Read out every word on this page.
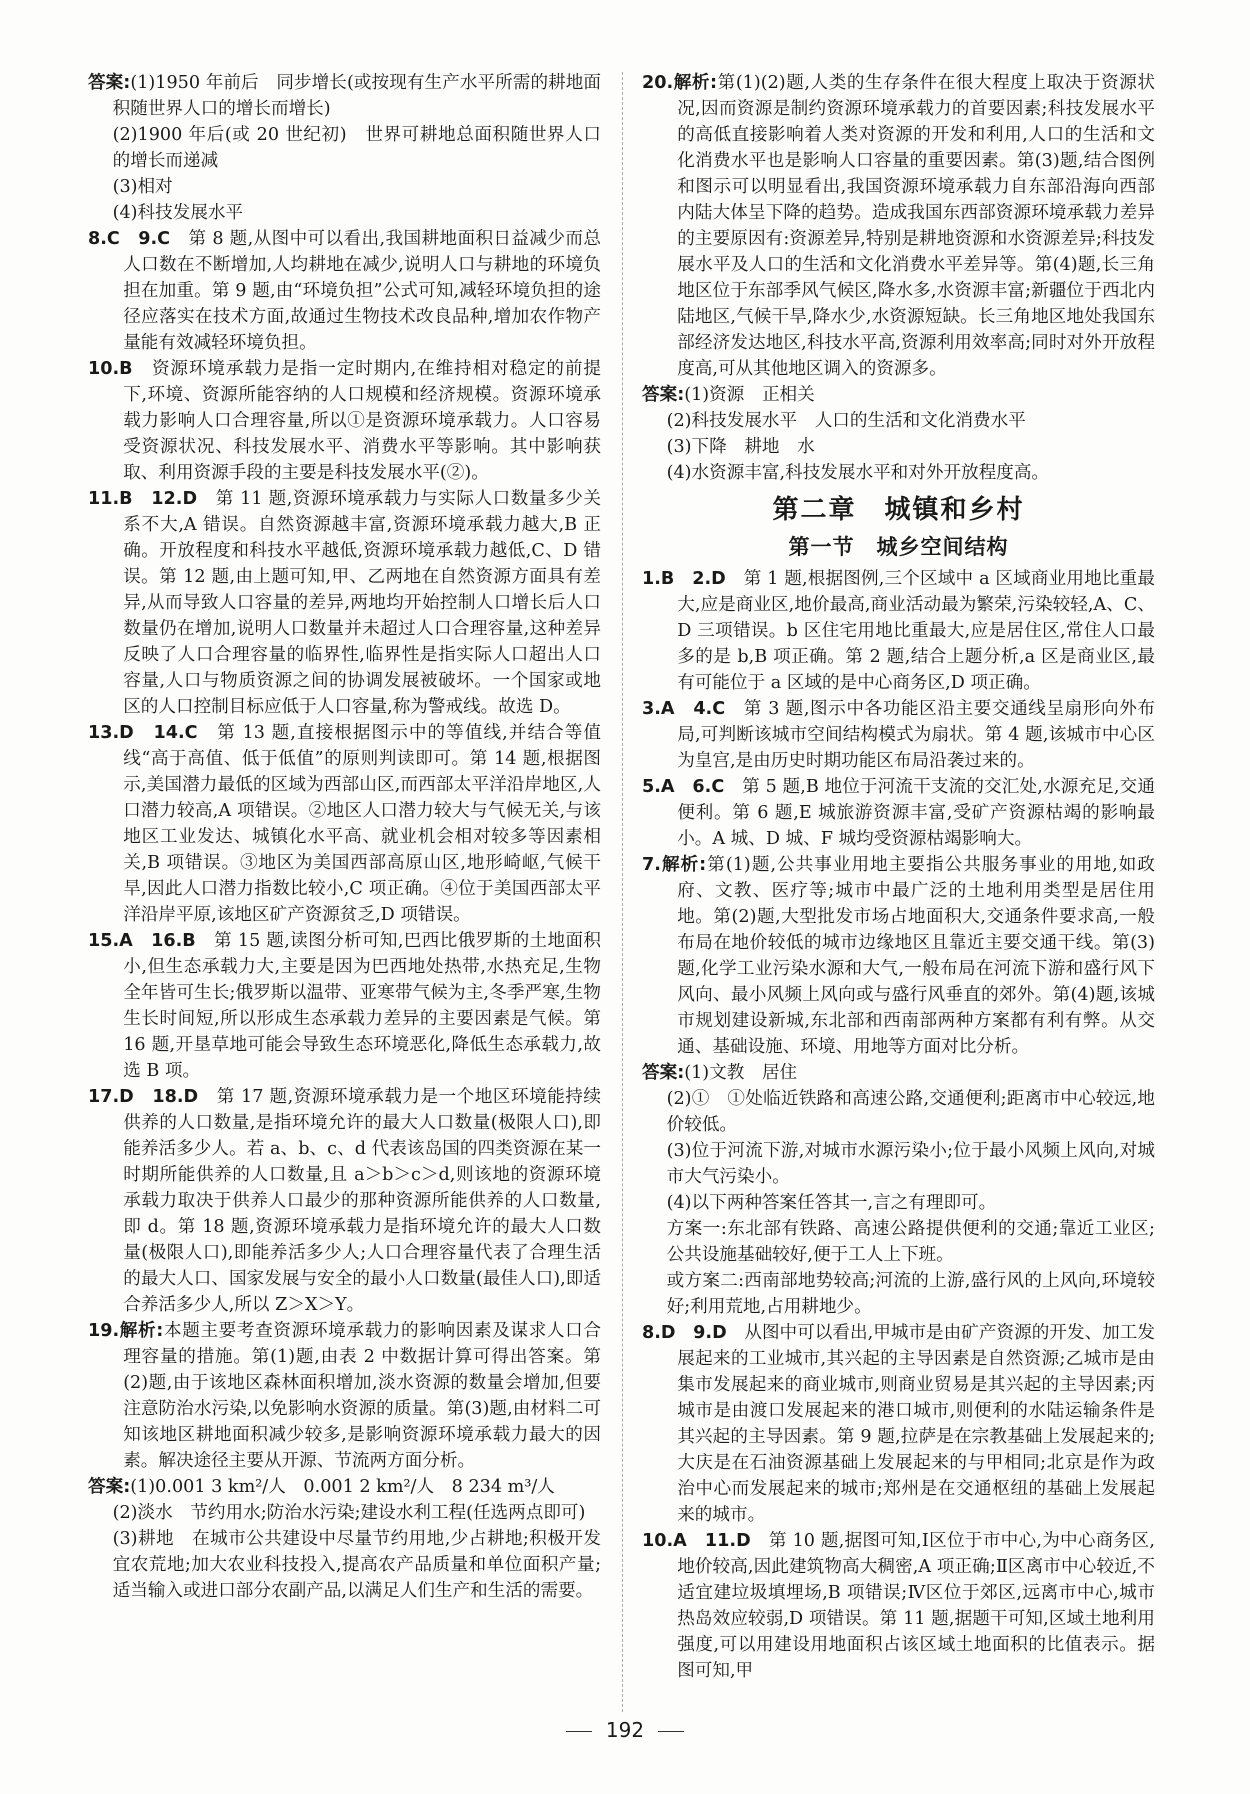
答案:(1)1950 年前后　同步增长(或按现有生产水平所需的耕地面积随世界人口的增长而增长)

(2)1900 年后(或 20 世纪初)　世界可耕地总面积随世界人口的增长而递减

(3)相对

(4)科技发展水平

8.C　9.C　第 8 题,从图中可以看出,我国耕地面积日益减少而总人口数在不断增加,人均耕地在减少,说明人口与耕地的环境负担在加重。第 9 题,由“环境负担”公式可知,减轻环境负担的途径应落实在技术方面,故通过生物技术改良品种,增加农作物产量能有效减轻环境负担。

10.B　资源环境承载力是指一定时期内,在维持相对稳定的前提下,环境、资源所能容纳的人口规模和经济规模。资源环境承载力影响人口合理容量,所以①是资源环境承载力。人口容易受资源状况、科技发展水平、消费水平等影响。其中影响获取、利用资源手段的主要是科技发展水平(②)。

11.B　12.D　第 11 题,资源环境承载力与实际人口数量多少关系不大,A 错误。自然资源越丰富,资源环境承载力越大,B 正确。开放程度和科技水平越低,资源环境承载力越低,C、D 错误。第 12 题,由上题可知,甲、乙两地在自然资源方面具有差异,从而导致人口容量的差异,两地均开始控制人口增长后人口数量仍在增加,说明人口数量并未超过人口合理容量,这种差异反映了人口合理容量的临界性,临界性是指实际人口超出人口容量,人口与物质资源之间的协调发展被破坏。一个国家或地区的人口控制目标应低于人口容量,称为警戒线。故选 D。

13.D　14.C　第 13 题,直接根据图示中的等值线,并结合等值线“高于高值、低于低值”的原则判读即可。第 14 题,根据图示,美国潜力最低的区域为西部山区,而西部太平洋沿岸地区,人口潜力较高,A 项错误。②地区人口潜力较大与气候无关,与该地区工业发达、城镇化水平高、就业机会相对较多等因素相关,B 项错误。③地区为美国西部高原山区,地形崎岖,气候干旱,因此人口潜力指数比较小,C 项正确。④位于美国西部太平洋沿岸平原,该地区矿产资源贫乏,D 项错误。

15.A　16.B　第 15 题,读图分析可知,巴西比俄罗斯的土地面积小,但生态承载力大,主要是因为巴西地处热带,水热充足,生物全年皆可生长;俄罗斯以温带、亚寒带气候为主,冬季严寒,生物生长时间短,所以形成生态承载力差异的主要因素是气候。第 16 题,开垦草地可能会导致生态环境恶化,降低生态承载力,故选 B 项。

17.D　18.D　第 17 题,资源环境承载力是一个地区环境能持续供养的人口数量,是指环境允许的最大人口数量(极限人口),即能养活多少人。若 a、b、c、d 代表该岛国的四类资源在某一时期所能供养的人口数量,且 a＞b＞c＞d,则该地的资源环境承载力取决于供养人口最少的那种资源所能供养的人口数量,即 d。第 18 题,资源环境承载力是指环境允许的最大人口数量(极限人口),即能养活多少人;人口合理容量代表了合理生活的最大人口、国家发展与安全的最小人口数量(最佳人口),即适合养活多少人,所以 Z＞X＞Y。

19.解析:本题主要考查资源环境承载力的影响因素及谋求人口合理容量的措施。第(1)题,由表 2 中数据计算可得出答案。第(2)题,由于该地区森林面积增加,淡水资源的数量会增加,但要注意防治水污染,以免影响水资源的质量。第(3)题,由材料二可知该地区耕地面积减少较多,是影响资源环境承载力最大的因素。解决途径主要从开源、节流两方面分析。

答案:(1)0.001 3 km²/人　0.001 2 km²/人　8 234 m³/人

(2)淡水　节约用水;防治水污染;建设水利工程(任选两点即可)

(3)耕地　在城市公共建设中尽量节约用地,少占耕地;积极开发宜农荒地;加大农业科技投入,提高农产品质量和单位面积产量;适当输入或进口部分农副产品,以满足人们生产和生活的需要。

20.解析:第(1)(2)题,人类的生存条件在很大程度上取决于资源状况,因而资源是制约资源环境承载力的首要因素;科技发展水平的高低直接影响着人类对资源的开发和利用,人口的生活和文化消费水平也是影响人口容量的重要因素。第(3)题,结合图例和图示可以明显看出,我国资源环境承载力自东部沿海向西部内陆大体呈下降的趋势。造成我国东西部资源环境承载力差异的主要原因有:资源差异,特别是耕地资源和水资源差异;科技发展水平及人口的生活和文化消费水平差异等。第(4)题,长三角地区位于东部季风气候区,降水多,水资源丰富;新疆位于西北内陆地区,气候干旱,降水少,水资源短缺。长三角地区地处我国东部经济发达地区,科技水平高,资源利用效率高;同时对外开放程度高,可从其他地区调入的资源多。

答案:(1)资源　正相关

(2)科技发展水平　人口的生活和文化消费水平

(3)下降　耕地　水

(4)水资源丰富,科技发展水平和对外开放程度高。

第二章　城镇和乡村
第一节　城乡空间结构

1.B　2.D　第 1 题,根据图例,三个区域中 a 区域商业用地比重最大,应是商业区,地价最高,商业活动最为繁荣,污染较轻,A、C、D 三项错误。b 区住宅用地比重最大,应是居住区,常住人口最多的是 b,B 项正确。第 2 题,结合上题分析,a 区是商业区,最有可能位于 a 区域的是中心商务区,D 项正确。

3.A　4.C　第 3 题,图示中各功能区沿主要交通线呈扇形向外布局,可判断该城市空间结构模式为扇状。第 4 题,该城市中心区为皇宫,是由历史时期功能区布局沿袭过来的。

5.A　6.C　第 5 题,B 地位于河流干支流的交汇处,水源充足,交通便利。第 6 题,E 城旅游资源丰富,受矿产资源枯竭的影响最小。A 城、D 城、F 城均受资源枯竭影响大。

7.解析:第(1)题,公共事业用地主要指公共服务事业的用地,如政府、文教、医疗等;城市中最广泛的土地利用类型是居住用地。第(2)题,大型批发市场占地面积大,交通条件要求高,一般布局在地价较低的城市边缘地区且靠近主要交通干线。第(3)题,化学工业污染水源和大气,一般布局在河流下游和盛行风下风向、最小风频上风向或与盛行风垂直的郊外。第(4)题,该城市规划建设新城,东北部和西南部两种方案都有利有弊。从交通、基础设施、环境、用地等方面对比分析。

答案:(1)文教　居住

(2)①　①处临近铁路和高速公路,交通便利;距离市中心较远,地价较低。

(3)位于河流下游,对城市水源污染小;位于最小风频上风向,对城市大气污染小。

(4)以下两种答案任答其一,言之有理即可。

方案一:东北部有铁路、高速公路提供便利的交通;靠近工业区;公共设施基础较好,便于工人上下班。

或方案二:西南部地势较高;河流的上游,盛行风的上风向,环境较好;利用荒地,占用耕地少。

8.D　9.D　从图中可以看出,甲城市是由矿产资源的开发、加工发展起来的工业城市,其兴起的主导因素是自然资源;乙城市是由集市发展起来的商业城市,则商业贸易是其兴起的主导因素;丙城市是由渡口发展起来的港口城市,则便利的水陆运输条件是其兴起的主导因素。第 9 题,拉萨是在宗教基础上发展起来的;大庆是在石油资源基础上发展起来的与甲相同;北京是作为政治中心而发展起来的城市;郑州是在交通枢纽的基础上发展起来的城市。

10.A　11.D　第 10 题,据图可知,Ⅰ区位于市中心,为中心商务区,地价较高,因此建筑物高大稠密,A 项正确;Ⅱ区离市中心较近,不适宜建垃圾填埋场,B 项错误;Ⅳ区位于郊区,远离市中心,城市热岛效应较弱,D 项错误。第 11 题,据题干可知,区域土地利用强度,可以用建设用地面积占该区域土地面积的比值表示。据图可知,甲

192
